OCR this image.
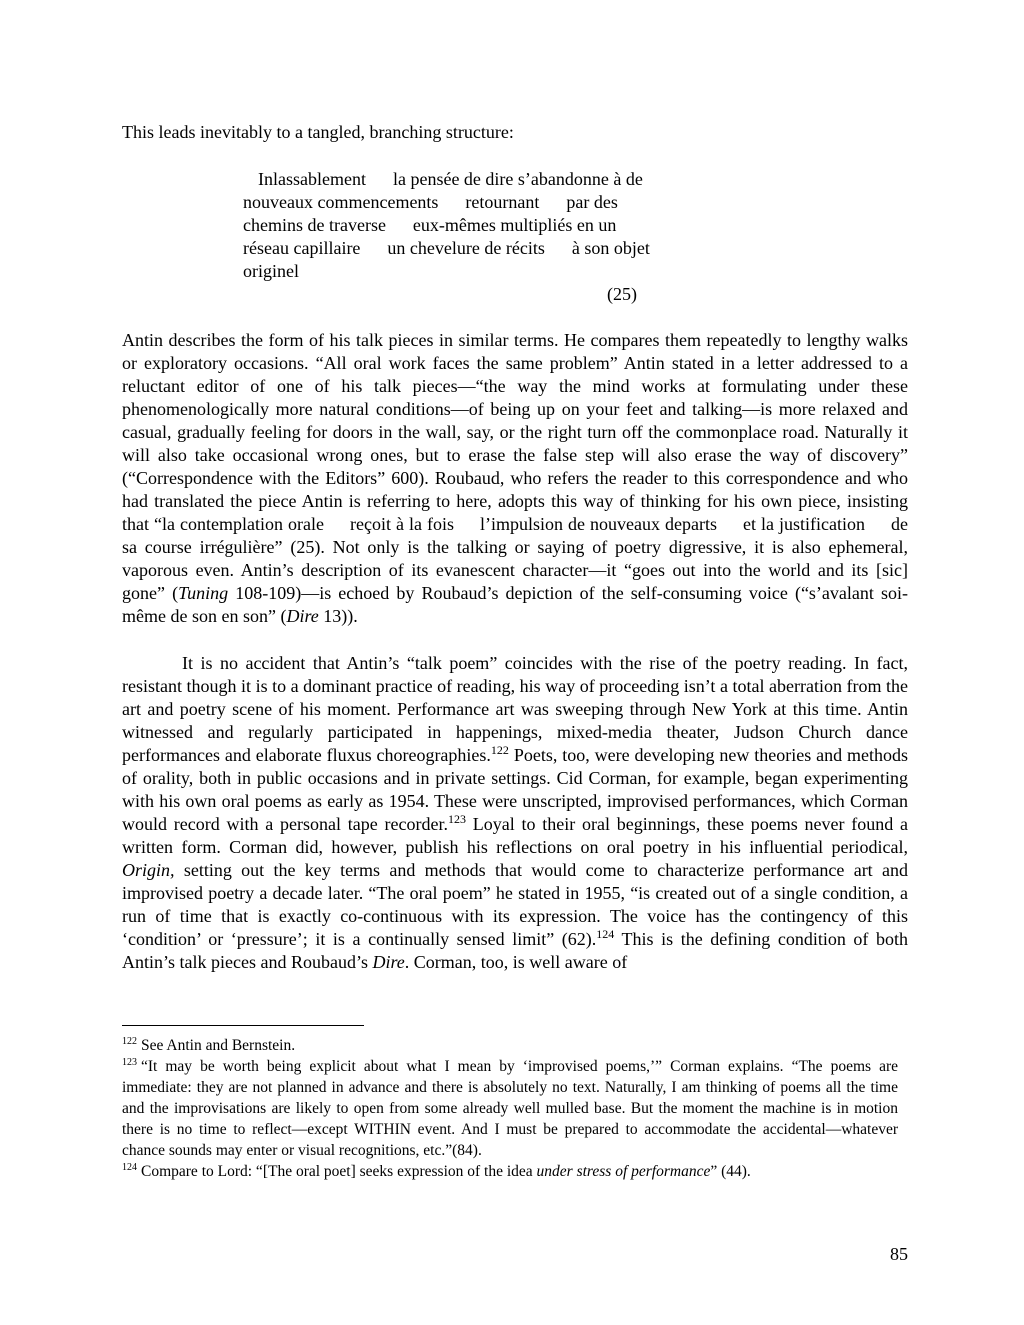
This leads inevitably to a tangled, branching structure:
Inlassablement      la pensée de dire s’abandonne à de
nouveaux commencements      retournant      par des
chemins de traverse      eux-mêmes multipliés en un
réseau capillaire      un chevelure de récits      à son objet
originel
(25)
Antin describes the form of his talk pieces in similar terms. He compares them repeatedly to lengthy walks or exploratory occasions. “All oral work faces the same problem” Antin stated in a letter addressed to a reluctant editor of one of his talk pieces—“the way the mind works at formulating under these phenomenologically more natural conditions—of being up on your feet and talking—is more relaxed and casual, gradually feeling for doors in the wall, say, or the right turn off the commonplace road. Naturally it will also take occasional wrong ones, but to erase the false step will also erase the way of discovery” (“Correspondence with the Editors” 600). Roubaud, who refers the reader to this correspondence and who had translated the piece Antin is referring to here, adopts this way of thinking for his own piece, insisting that “la contemplation orale reçoit à la fois l’impulsion de nouveaux departs et la justification de sa course irrégulière” (25). Not only is the talking or saying of poetry digressive, it is also ephemeral, vaporous even. Antin’s description of its evanescent character—it “goes out into the world and its [sic] gone” (Tuning 108-109)—is echoed by Roubaud’s depiction of the self-consuming voice (“s’avalant soi-même de son en son” (Dire 13)).
It is no accident that Antin’s “talk poem” coincides with the rise of the poetry reading. In fact, resistant though it is to a dominant practice of reading, his way of proceeding isn’t a total aberration from the art and poetry scene of his moment. Performance art was sweeping through New York at this time. Antin witnessed and regularly participated in happenings, mixed-media theater, Judson Church dance performances and elaborate fluxus choreographies.$^{122}$ Poets, too, were developing new theories and methods of orality, both in public occasions and in private settings. Cid Corman, for example, began experimenting with his own oral poems as early as 1954. These were unscripted, improvised performances, which Corman would record with a personal tape recorder.$^{123}$ Loyal to their oral beginnings, these poems never found a written form. Corman did, however, publish his reflections on oral poetry in his influential periodical, Origin, setting out the key terms and methods that would come to characterize performance art and improvised poetry a decade later. “The oral poem” he stated in 1955, “is created out of a single condition, a run of time that is exactly co-continuous with its expression. The voice has the contingency of this ‘condition’ or ‘pressure’; it is a continually sensed limit” (62).$^{124}$ This is the defining condition of both Antin’s talk pieces and Roubaud’s Dire. Corman, too, is well aware of

$^{122}$ See Antin and Bernstein.

$^{123}$ “It may be worth being explicit about what I mean by ‘improvised poems,’” Corman explains. “The poems are immediate: they are not planned in advance and there is absolutely no text. Naturally, I am thinking of poems all the time and the improvisations are likely to open from some already well mulled base. But the moment the machine is in motion there is no time to reflect—except WITHIN event. And I must be prepared to accommodate the accidental—whatever chance sounds may enter or visual recognitions, etc.”(84).

$^{124}$ Compare to Lord: “[The oral poet] seeks expression of the idea under stress of performance” (44).

85
